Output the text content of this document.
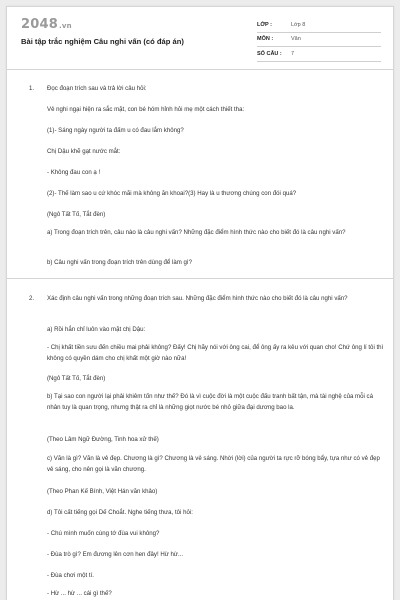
2048.vn
Bài tập trắc nghiệm Câu nghi vấn (có đáp án)
LỚP :	Lớp 8
MÔN :	Văn
SỐ CÂU :	7
1. Đọc đoạn trích sau và trả lời câu hỏi:
Vẻ nghi ngại hiện ra sắc mặt, con bé hóm hỉnh hỏi mẹ một cách thiết tha:
(1)- Sáng ngày người ta đấm u có đau lắm không?
Chị Dậu khẽ gạt nước mắt:
- Không đau con ạ !
(2)- Thế làm sao u cứ khóc mãi mà không ăn khoai?(3) Hay là u thương chúng con đói quá?
(Ngô Tất Tố, Tắt đèn)
a) Trong đoạn trích trên, câu nào là câu nghi vấn? Những đặc điểm hình thức nào cho biết đó là câu nghi vấn?
b) Câu nghi vấn trong đoạn trích trên dùng để làm gì?
2. Xác định câu nghi vấn trong những đoạn trích sau. Những đặc điểm hình thức nào cho biết đó là câu nghi vấn?
a) Rồi hắn chỉ luôn vào mặt chị Dậu:
- Chị khất tiền sưu đến chiều mai phải không? Đấy! Chị hãy nói với ông cai, để ông ấy ra kêu với quan cho! Chứ ông lí tôi thì không có quyền dám cho chị khất một giờ nào nữa!
(Ngô Tất Tố, Tắt đèn)
b) Tại sao con người lại phải khiêm tốn như thế? Đó là vì cuộc đời là một cuộc đấu tranh bất tận, mà tài nghệ của mỗi cá nhân tuy là quan trọng, nhưng thật ra chỉ là những giọt nước bé nhỏ giữa đại dương bao la.
(Theo Lâm Ngữ Đường, Tinh hoa xử thế)
c) Văn là gì? Văn là vẻ đẹp. Chương là gì? Chương là vẻ sáng. Nhời (lời) của người ta rực rỡ bóng bẩy, tựa như có vẻ đẹp vẻ sáng, cho nên gọi là văn chương.
(Theo Phan Kế Bính, Việt Hán văn khảo)
d) Tôi cất tiếng gọi Dế Choắt. Nghe tiếng thưa, tôi hỏi:
- Chú mình muốn cùng tớ đùa vui không?
- Đùa trò gì? Em đương lên cơn hen đây! Hừ hừ...
- Đùa chơi một tí.
- Hừ ... hừ ... cái gì thế?
